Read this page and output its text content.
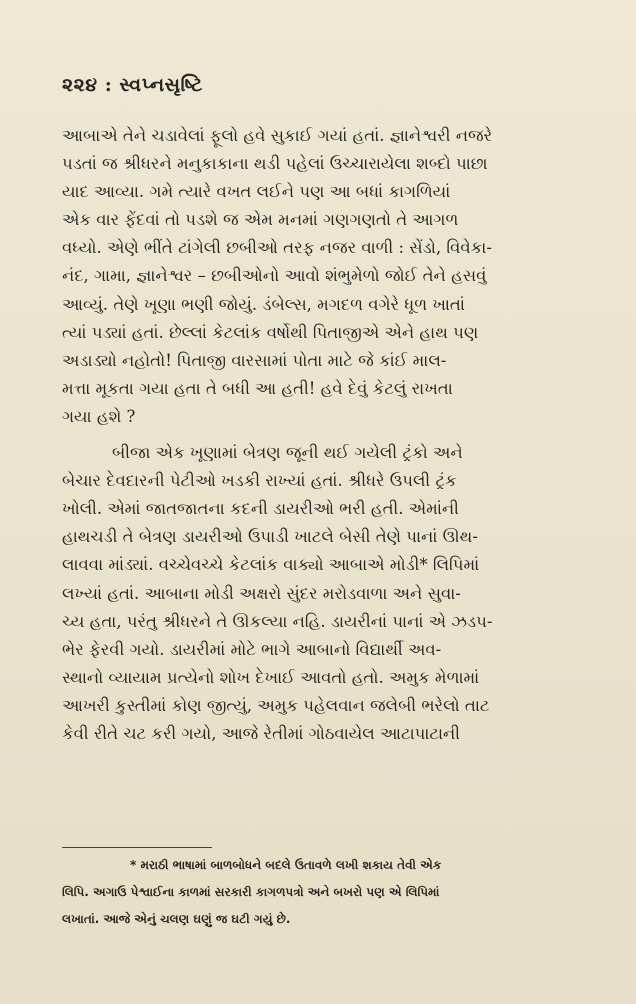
૨૨૪ : સ્વપ્નસૃષ્ટિ

આબાએ તેને ચડાવેલાં ફૂલો હવે સુકાઈ ગયાં હતાં. જ્ઞાનેશ્વરી નજરે

પડતાં જ શ્રીધરને મનુકાકાના થડી પહેલાં ઉચ્ચારાયેલા શબ્દો પાછા

યાદ આવ્યા. ગમે ત્યારે વખત લઈને પણ આ બધાં કાગળિયાં

એક વાર ફેંદવાં તો પડશે જ એમ મનમાં ગણગણતો તે આગળ

વધ્યો. એણે ભીંતે ટાંગેલી છબીઓ તરફ નજર વાળી : સેંડો, વિવેકા-

નંદ, ગામા, જ્ઞાનેશ્વર – છબીઓનો આવો શંભુમેળો જોઈ તેને હસવું

આવ્યું. તેણે ખૂણા ભણી જોયું. ડંબેલ્સ, મગદળ વગેરે ધૂળ ખાતાં

ત્યાં પડ્યાં હતાં. છેલ્લાં કેટલાંક વર્ષોથી પિતાજીએ એને હાથ પણ

અડાડ્યો નહોતો! પિતાજી વારસામાં પોતા માટે જે કાંઈ માલ-

મત્તા મૂકતા ગયા હતા તે બધી આ હતી! હવે દેવું કેટલું રાખતા

ગયા હશે ?

બીજા એક ખૂણામાં બેત્રણ જૂની થઈ ગયેલી ટ્રંકો અને

બેચાર દેવદારની પેટીઓ ખડકી રાખ્યાં હતાં. શ્રીધરે ઉપલી ટ્રંક

ખોલી. એમાં જાતજાતના કદની ડાયરીઓ ભરી હતી. એમાંની

હાથચડી તે બેત્રણ ડાયરીઓ ઉપાડી ખાટલે બેસી તેણે પાનાં ઊથ-

લાવવા માંડ્યાં. વચ્ચેવચ્ચે કેટલાંક વાક્યો આબાએ મોડી* લિપિમાં

લખ્યાં હતાં. આબાના મોડી અક્ષરો સુંદર મરોડવાળા અને સુવા-

ચ્ય હતા, પરંતુ શ્રીધરને તે ઊકલ્યા નહિ. ડાયરીનાં પાનાં એ ઝડપ-

ભેર ફેરવી ગયો. ડાયરીમાં મોટે ભાગે આબાનો વિદ્યાર્થી અવ-

સ્થાનો વ્યાયામ પ્રત્યેનો શોખ દેખાઈ આવતો હતો. અમુક મેળામાં

આખરી કુસ્તીમાં કોણ જીત્યું, અમુક પહેલવાન જલેબી ભરેલો તાટ

કેવી રીતે ચટ કરી ગયો, આજે રેતીમાં ગોઠવાયેલ આટાપાટાની

* મરાઠી ભાષામાં બાળબોધને બદલે ઉતાવળે લખી શકાય તેવી એક

લિપિ. અગાઉ પેશ્વાઈના કાળમાં સરકારી કાગળપત્રો અને બખરો પણ એ લિપિમાં

લખાતાં. આજે એનું ચલણ ઘણું જ ઘટી ગયું છે.
